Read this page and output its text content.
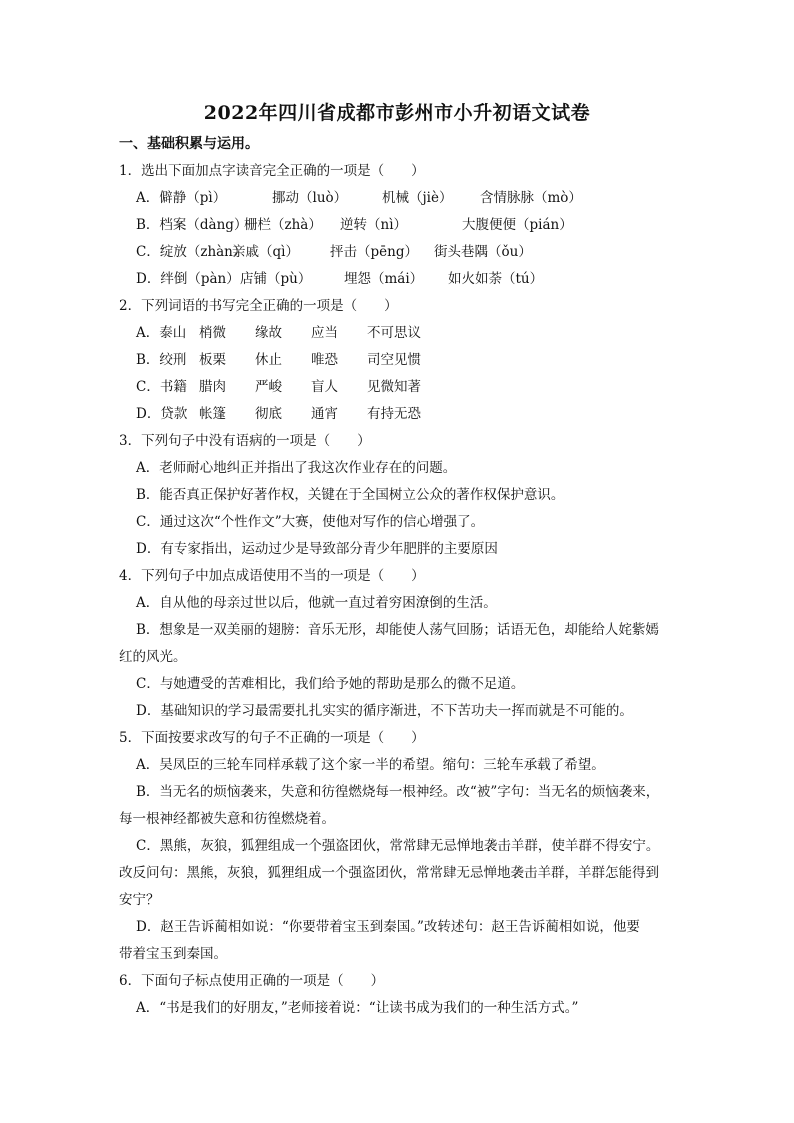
2022年四川省成都市彭州市小升初语文试卷
一、基础积累与运用。
1．选出下面加点字读音完全正确的一项是（　　）
A．僻静（pì）	挪动（luò）	机械（jiè） 含情脉脉（mò）
B．档案（dàng）栅栏（zhà） 逆转（nì）	大腹便便（pián）
C．绽放（zhàn）亲戚（qì） 抨击（pēng） 街头巷隅（ǒu）
D．绊倒（pàn）店铺（pù） 埋怨（mái） 如火如荼（tú）
2．下列词语的书写完全正确的一项是（　　）
A．泰山 梢微 缘故 应当 不可思议
B．绞刑 板栗 休止 唯恐 司空见惯
C．书籍 腊肉 严峻 盲人 见微知著
D．贷款 帐篷 彻底 通宵 有持无恐
3．下列句子中没有语病的一项是（　　）
A．老师耐心地纠正并指出了我这次作业存在的问题。
B．能否真正保护好著作权，关键在于全国树立公众的著作权保护意识。
C．通过这次“个性作文”大赛，使他对写作的信心增强了。
D．有专家指出，运动过少是导致部分青少年肥胖的主要原因
4．下列句子中加点成语使用不当的一项是（　　）
A．自从他的母亲过世以后，他就一直过着穷困潦倒的生活。
B．想象是一双美丽的翅膀：音乐无形，却能使人荡气回肠；话语无色，却能给人姹紫嫣
红的风光。
C．与她遭受的苦难相比，我们给予她的帮助是那么的微不足道。
D．基础知识的学习最需要扎扎实实的循序渐进，不下苦功夫一挥而就是不可能的。
5．下面按要求改写的句子不正确的一项是（　　）
A．吴凤臣的三轮车同样承载了这个家一半的希望。缩句：三轮车承载了希望。
B．当无名的烦恼袭来，失意和彷徨燃烧每一根神经。改“被”字句：当无名的烦恼袭来，
每一根神经都被失意和彷徨燃烧着。
C．黑熊，灰狼，狐狸组成一个强盗团伙，常常肆无忌惮地袭击羊群，使羊群不得安宁。
改反问句：黑熊，灰狼，狐狸组成一个强盗团伙，常常肆无忌惮地袭击羊群，羊群怎能得到
安宁？
D．赵王告诉蔺相如说：“你要带着宝玉到秦国。”改转述句：赵王告诉蔺相如说，他要
带着宝玉到秦国。
6．下面句子标点使用正确的一项是（　　）
A．“书是我们的好朋友，”老师接着说：“让读书成为我们的一种生活方式。”
